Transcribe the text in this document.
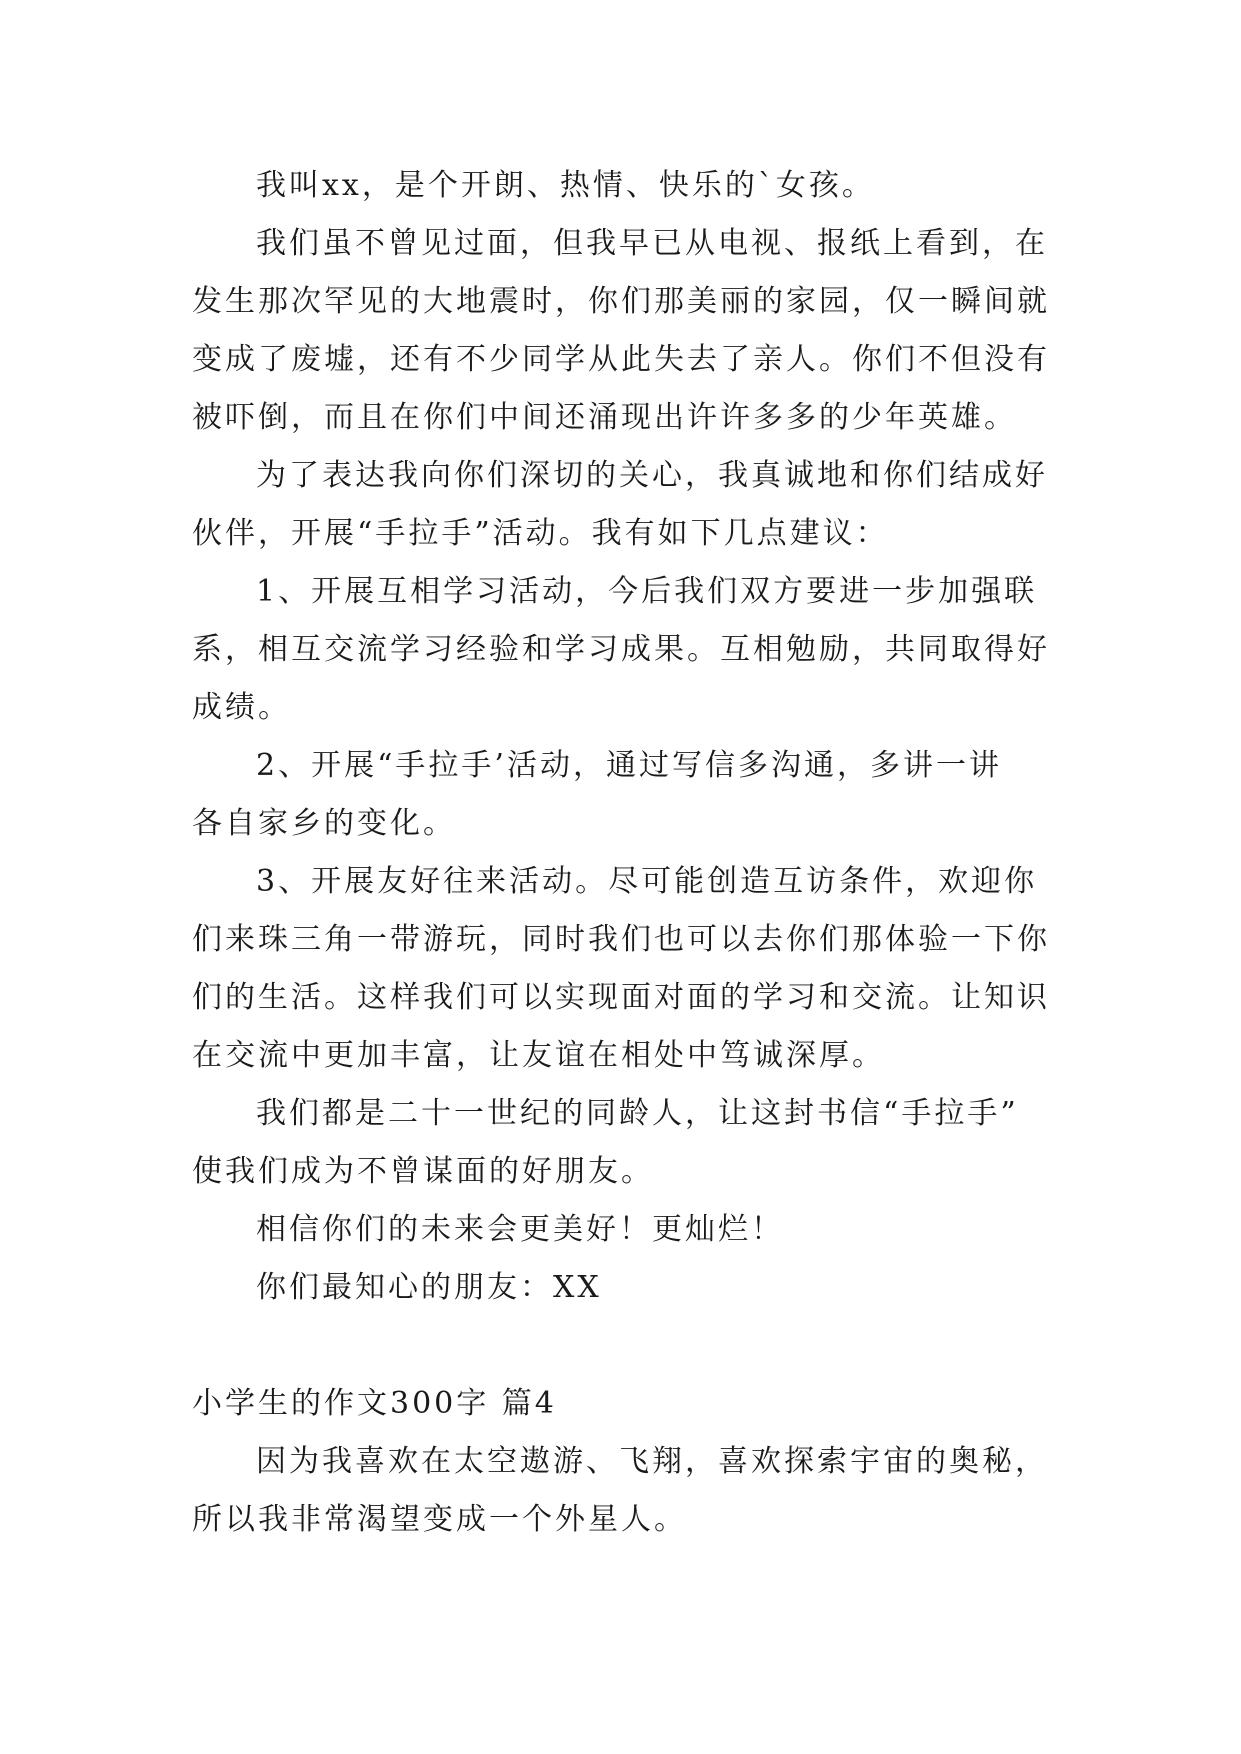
我叫xx，是个开朗、热情、快乐的`女孩。
我们虽不曾见过面，但我早已从电视、报纸上看到，在
发生那次罕见的大地震时，你们那美丽的家园，仅一瞬间就
变成了废墟，还有不少同学从此失去了亲人。你们不但没有
被吓倒，而且在你们中间还涌现出许许多多的少年英雄。
为了表达我向你们深切的关心，我真诚地和你们结成好
伙伴，开展“手拉手”活动。我有如下几点建议：
1、开展互相学习活动，今后我们双方要进一步加强联
系，相互交流学习经验和学习成果。互相勉励，共同取得好
成绩。
2、开展“手拉手’活动，通过写信多沟通，多讲一讲
各自家乡的变化。
3、开展友好往来活动。尽可能创造互访条件，欢迎你
们来珠三角一带游玩，同时我们也可以去你们那体验一下你
们的生活。这样我们可以实现面对面的学习和交流。让知识
在交流中更加丰富，让友谊在相处中笃诚深厚。
我们都是二十一世纪的同龄人，让这封书信“手拉手”
使我们成为不曾谋面的好朋友。
相信你们的未来会更美好！更灿烂！
你们最知心的朋友：XX
小学生的作文300字 篇4
因为我喜欢在太空遨游、飞翔，喜欢探索宇宙的奥秘，
所以我非常渴望变成一个外星人。
